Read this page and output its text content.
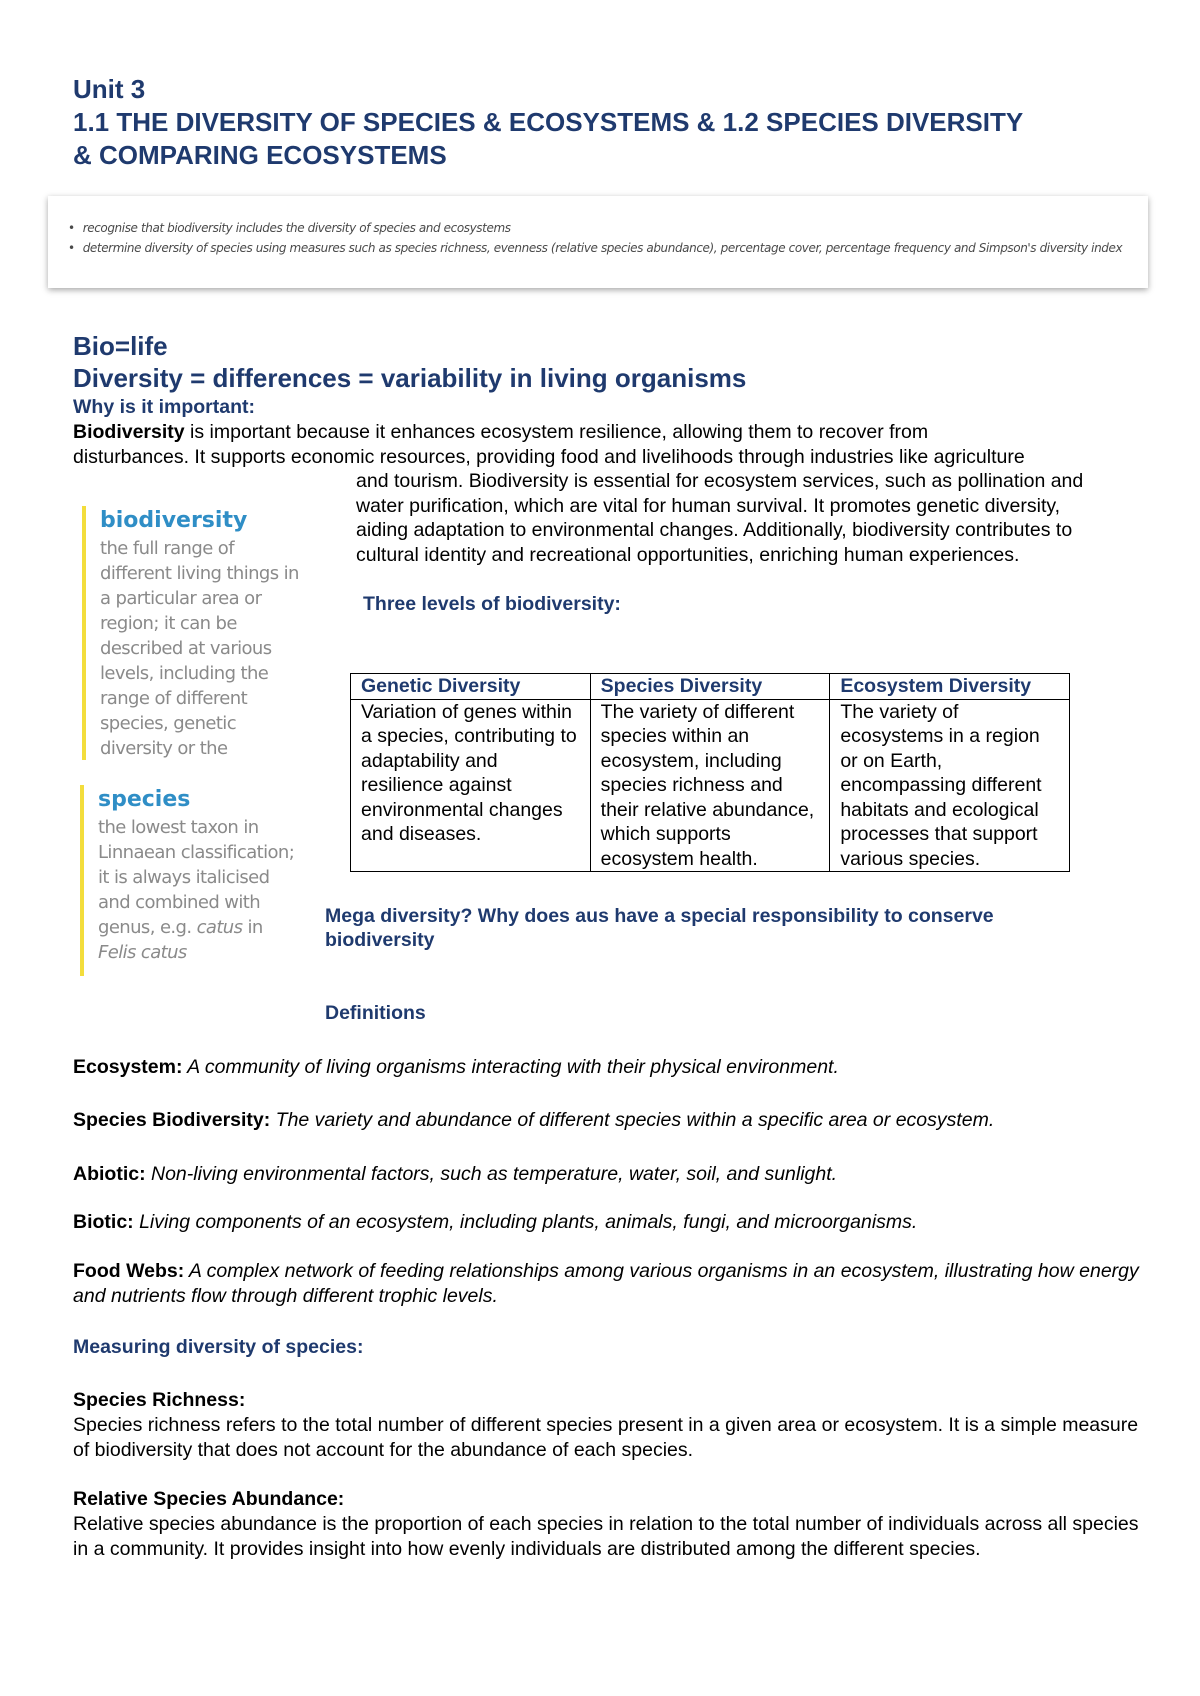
Unit 3
1.1 THE DIVERSITY OF SPECIES & ECOSYSTEMS & 1.2 SPECIES DIVERSITY
& COMPARING ECOSYSTEMS
• recognise that biodiversity includes the diversity of species and ecosystems
• determine diversity of species using measures such as species richness, evenness (relative species abundance), percentage cover, percentage frequency and Simpson's diversity index
Bio=life
Diversity = differences = variability in living organisms
Why is it important:
Biodiversity is important because it enhances ecosystem resilience, allowing them to recover from
disturbances. It supports economic resources, providing food and livelihoods through industries like agriculture
and tourism. Biodiversity is essential for ecosystem services, such as pollination and water purification, which are vital for human survival. It promotes genetic diversity, aiding adaptation to environmental changes. Additionally, biodiversity contributes to cultural identity and recreational opportunities, enriching human experiences.
Three levels of biodiversity:
biodiversity
the full range of different living things in a particular area or region; it can be described at various levels, including the range of different species, genetic diversity or the
species
the lowest taxon in Linnaean classification; it is always italicised and combined with genus, e.g. catus in Felis catus
Genetic Diversity	Species Diversity	Ecosystem Diversity
Variation of genes within a species, contributing to adaptability and resilience against environmental changes and diseases.	The variety of different species within an ecosystem, including species richness and their relative abundance, which supports ecosystem health.	The variety of ecosystems in a region or on Earth, encompassing different habitats and ecological processes that support various species.
Mega diversity? Why does aus have a special responsibility to conserve biodiversity
Definitions
Ecosystem: A community of living organisms interacting with their physical environment.
Species Biodiversity: The variety and abundance of different species within a specific area or ecosystem.
Abiotic: Non-living environmental factors, such as temperature, water, soil, and sunlight.
Biotic: Living components of an ecosystem, including plants, animals, fungi, and microorganisms.
Food Webs: A complex network of feeding relationships among various organisms in an ecosystem, illustrating how energy and nutrients flow through different trophic levels.
Measuring diversity of species:
Species Richness:
Species richness refers to the total number of different species present in a given area or ecosystem. It is a simple measure of biodiversity that does not account for the abundance of each species.
Relative Species Abundance:
Relative species abundance is the proportion of each species in relation to the total number of individuals across all species in a community. It provides insight into how evenly individuals are distributed among the different species.
